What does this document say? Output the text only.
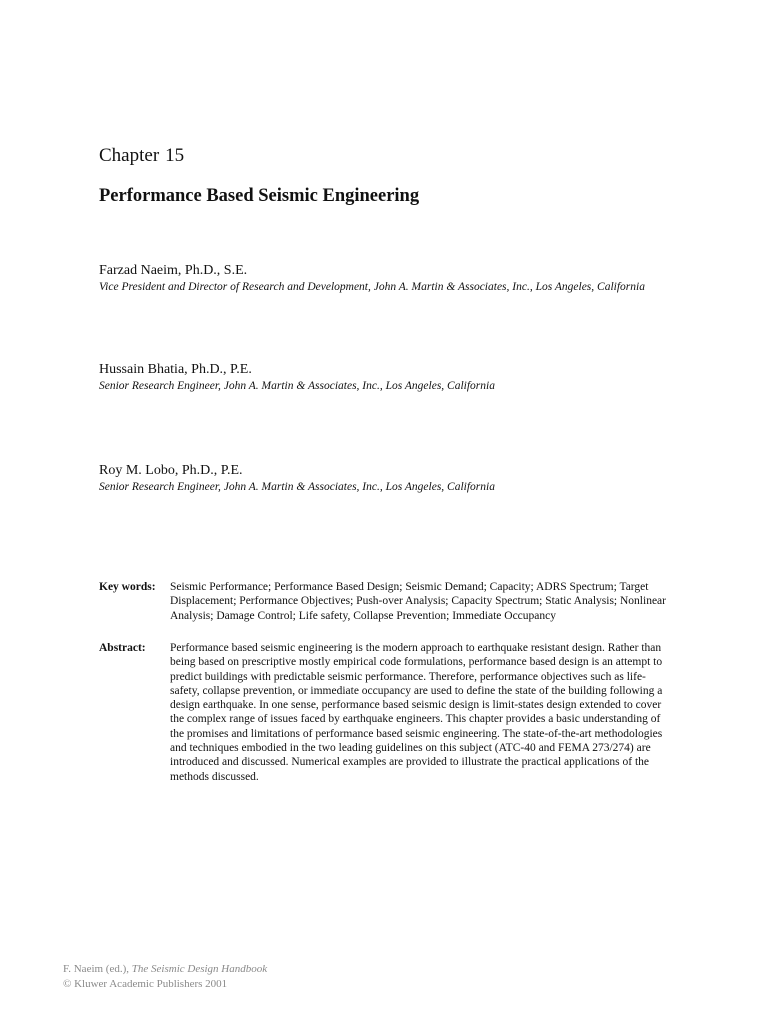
Chapter 15
Performance Based Seismic Engineering
Farzad Naeim, Ph.D., S.E.
Vice President and Director of Research and Development, John A. Martin & Associates, Inc., Los Angeles, California
Hussain Bhatia, Ph.D., P.E.
Senior Research Engineer, John A. Martin & Associates, Inc., Los Angeles, California
Roy M. Lobo, Ph.D., P.E.
Senior Research Engineer, John A. Martin & Associates, Inc., Los Angeles, California
Key words:	Seismic Performance; Performance Based Design; Seismic Demand; Capacity; ADRS Spectrum; Target Displacement; Performance Objectives; Push-over Analysis; Capacity Spectrum; Static Analysis; Nonlinear Analysis; Damage Control; Life safety, Collapse Prevention; Immediate Occupancy
Abstract:	Performance based seismic engineering is the modern approach to earthquake resistant design. Rather than being based on prescriptive mostly empirical code formulations, performance based design is an attempt to predict buildings with predictable seismic performance. Therefore, performance objectives such as life-safety, collapse prevention, or immediate occupancy are used to define the state of the building following a design earthquake. In one sense, performance based seismic design is limit-states design extended to cover the complex range of issues faced by earthquake engineers. This chapter provides a basic understanding of the promises and limitations of performance based seismic engineering. The state-of-the-art methodologies and techniques embodied in the two leading guidelines on this subject (ATC-40 and FEMA 273/274) are introduced and discussed. Numerical examples are provided to illustrate the practical applications of the methods discussed.
F. Naeim (ed.), The Seismic Design Handbook
© Kluwer Academic Publishers 2001
